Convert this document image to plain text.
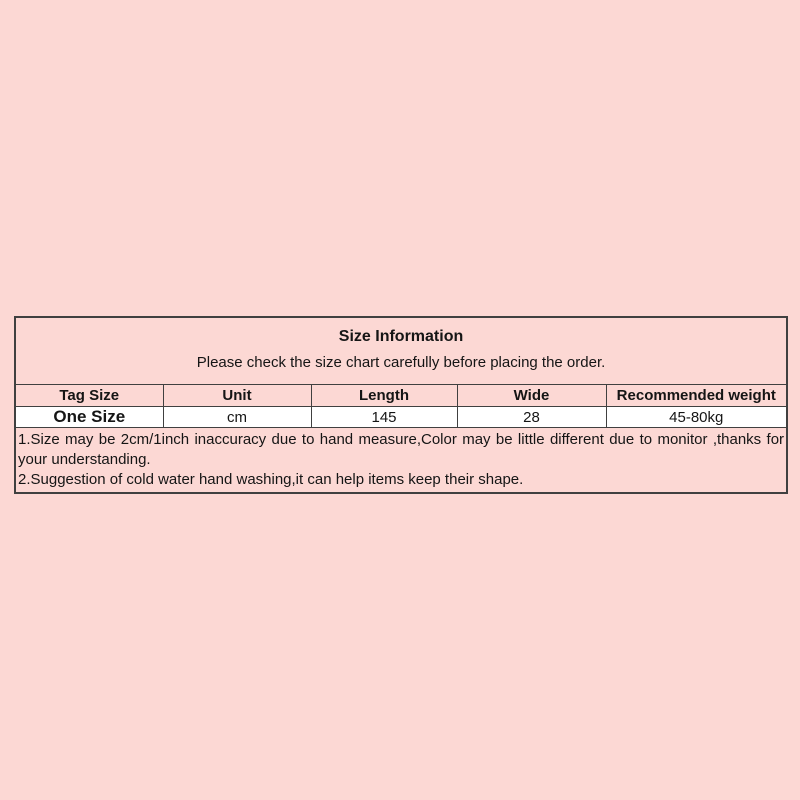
Size Information
Please check the size chart carefully before placing the order.				

Tag Size	Unit	Length	Wide	Recommended weight
One Size	cm	145	28	45-80kg

1.Size may be 2cm/1inch inaccuracy due to hand measure,Color may be little different due to monitor ,thanks for your understanding.
2.Suggestion of cold water hand washing,it can help items keep their shape.				
